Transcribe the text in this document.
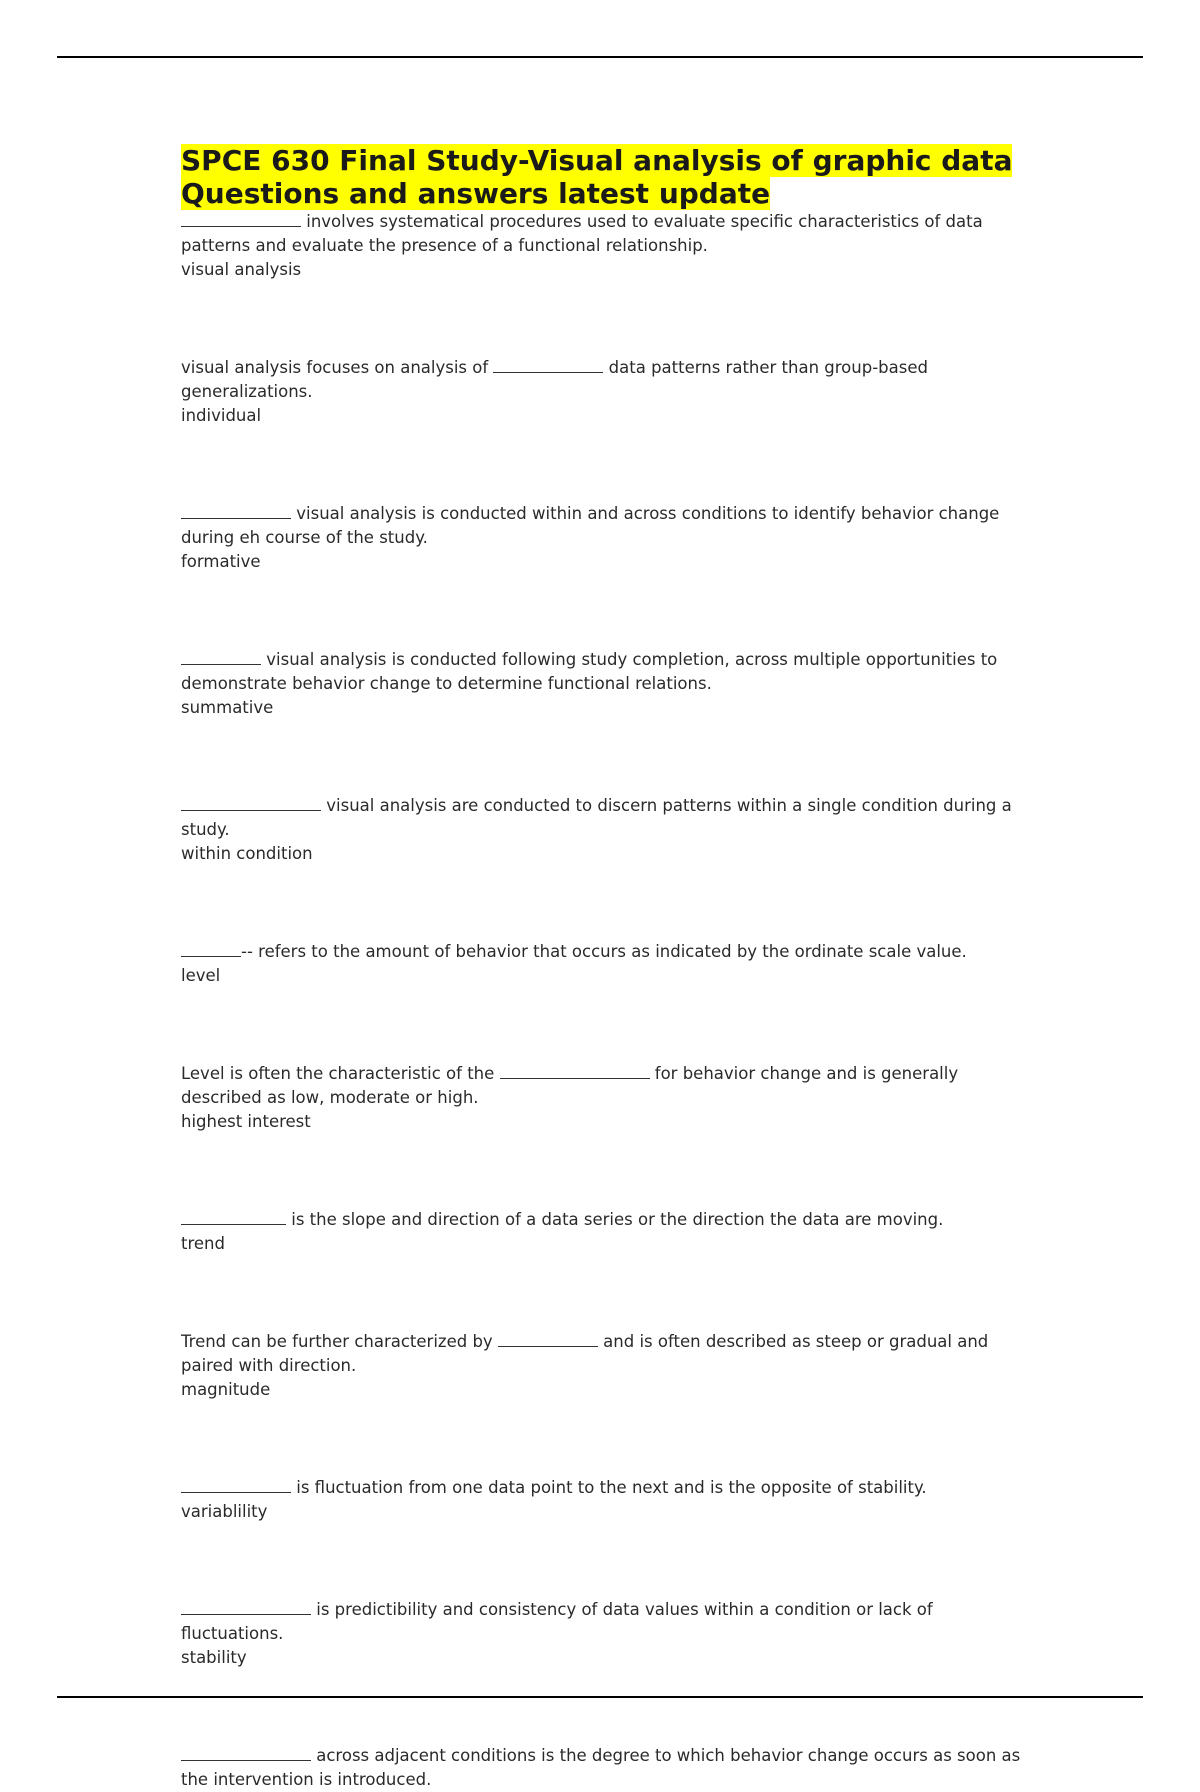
SPCE 630 Final Study-Visual analysis of graphic data Questions and answers latest update
involves systematical procedures used to evaluate specific characteristics of data patterns and evaluate the presence of a functional relationship.
visual analysis
visual analysis focuses on analysis of	data patterns rather than group-based generalizations.
individual
visual analysis is conducted within and across conditions to identify behavior change during eh course of the study.
formative
visual analysis is conducted following study completion, across multiple opportunities to demonstrate behavior change to determine functional relations.
summative
visual analysis are conducted to discern patterns within a single condition during a study.
within condition
-- refers to the amount of behavior that occurs as indicated by the ordinate scale value.
level
Level is often the characteristic of the	for behavior change and is generally described as low, moderate or high.
highest interest
is the slope and direction of a data series or the direction the data are moving.
trend
Trend can be further characterized by	and is often described as steep or gradual and paired with direction.
magnitude
is fluctuation from one data point to the next and is the opposite of stability.
variablility
is predictibility and consistency of data values within a condition or lack of fluctuations.
stability
across adjacent conditions is the degree to which behavior change occurs as soon as the intervention is introduced.
